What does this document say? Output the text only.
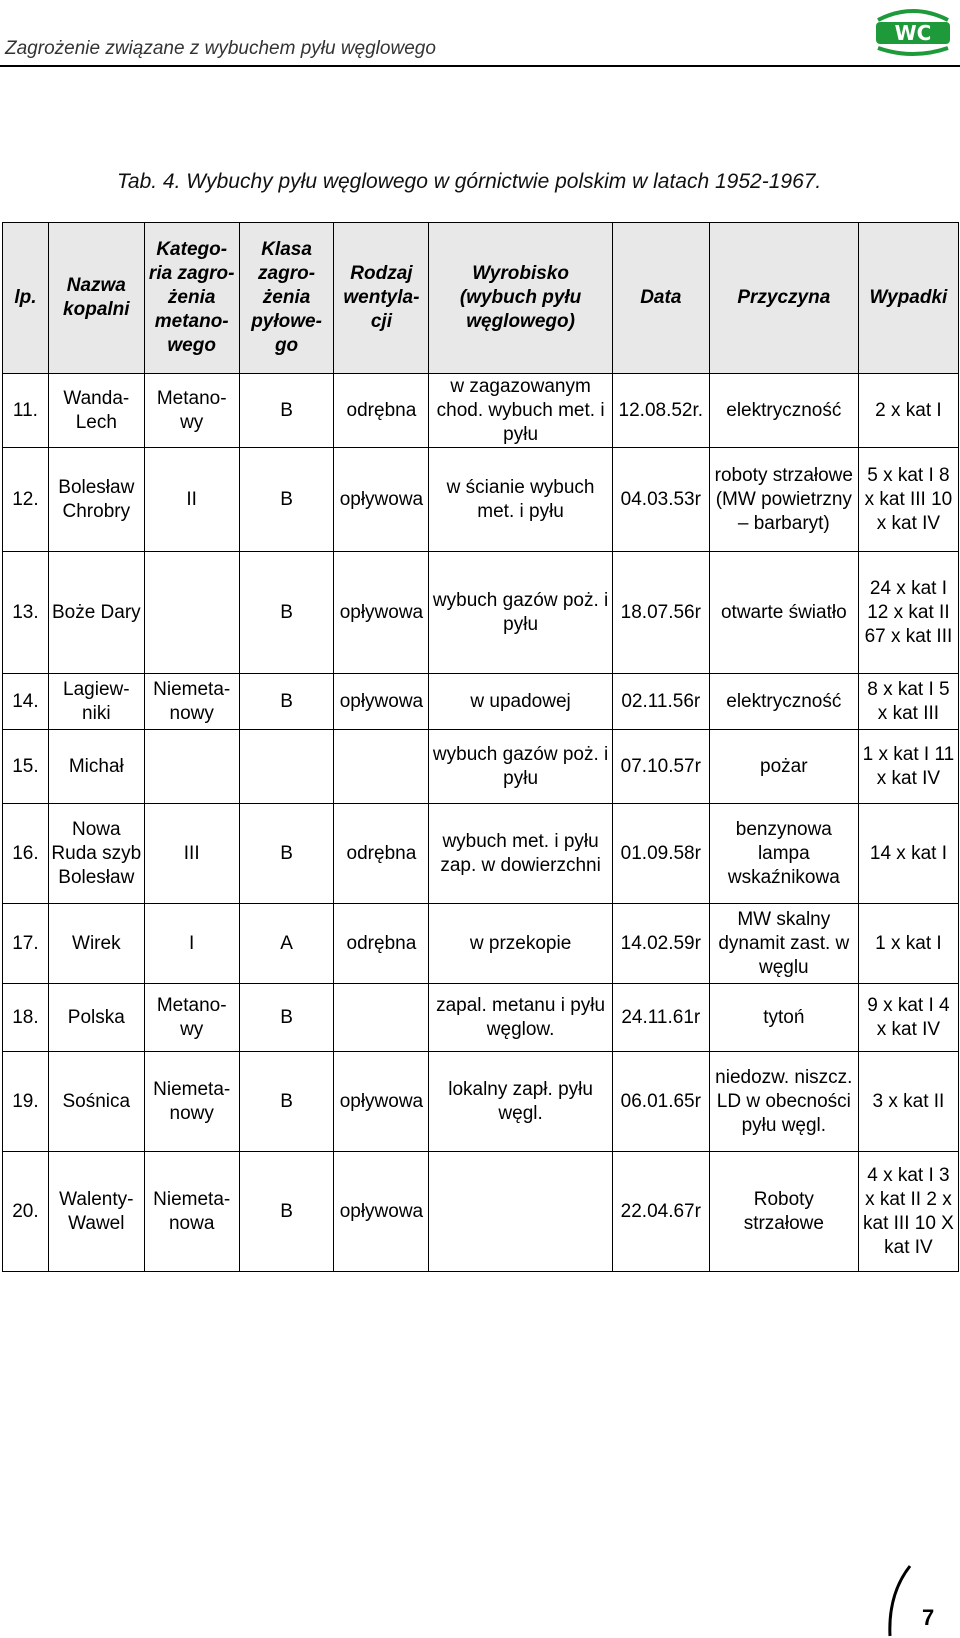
Zagrożenie związane z wybuchem pyłu węglowego
WC
Tab. 4. Wybuchy pyłu węglowego w górnictwie polskim w latach 1952-1967.
lp.	Nazwa kopalni	Katego- ria zagro- żenia metano- wego	Klasa zagro- żenia pyłowe- go	Rodzaj wentyla- cji	Wyrobisko (wybuch pyłu węglowego)	Data	Przyczyna	Wypadki
11.	Wanda- Lech	Metano- wy	B	odrębna	w zagazowanym chod. wybuch met. i pyłu	12.08.52r.	elektryczność	2 x kat I
12.	Bolesław Chrobry	II	B	opływowa	w ścianie wybuch met. i pyłu	04.03.53r	roboty strzałowe (MW powietrzny – barbaryt)	5 x kat I 8 x kat III 10 x kat IV
13.	Boże Dary		B	opływowa	wybuch gazów poż. i pyłu	18.07.56r	otwarte światło	24 x kat I 12 x kat II 67 x kat III
14.	Lagiew- niki	Niemeta- nowy	B	opływowa	w upadowej	02.11.56r	elektryczność	8 x kat I 5 x kat III
15.	Michał				wybuch gazów poż. i pyłu	07.10.57r	pożar	1 x kat I 11 x kat IV
16.	Nowa Ruda szyb Bolesław	III	B	odrębna	wybuch met. i pyłu zap. w dowierzchni	01.09.58r	benzynowa lampa wskaźnikowa	14 x kat I
17.	Wirek	I	A	odrębna	w przekopie	14.02.59r	MW skalny dynamit zast. w węglu	1 x kat I
18.	Polska	Metano- wy	B		zapal. metanu i pyłu węglow.	24.11.61r	tytoń	9 x kat I 4 x kat IV
19.	Sośnica	Niemeta- nowy	B	opływowa	lokalny zapł. pyłu węgl.	06.01.65r	niedozw. niszcz. LD w obecności pyłu węgl.	3 x kat II
20.	Walenty- Wawel	Niemeta- nowa	B	opływowa		22.04.67r	Roboty strzałowe	4 x kat I 3 x kat II 2 x kat III 10 X kat IV
7
